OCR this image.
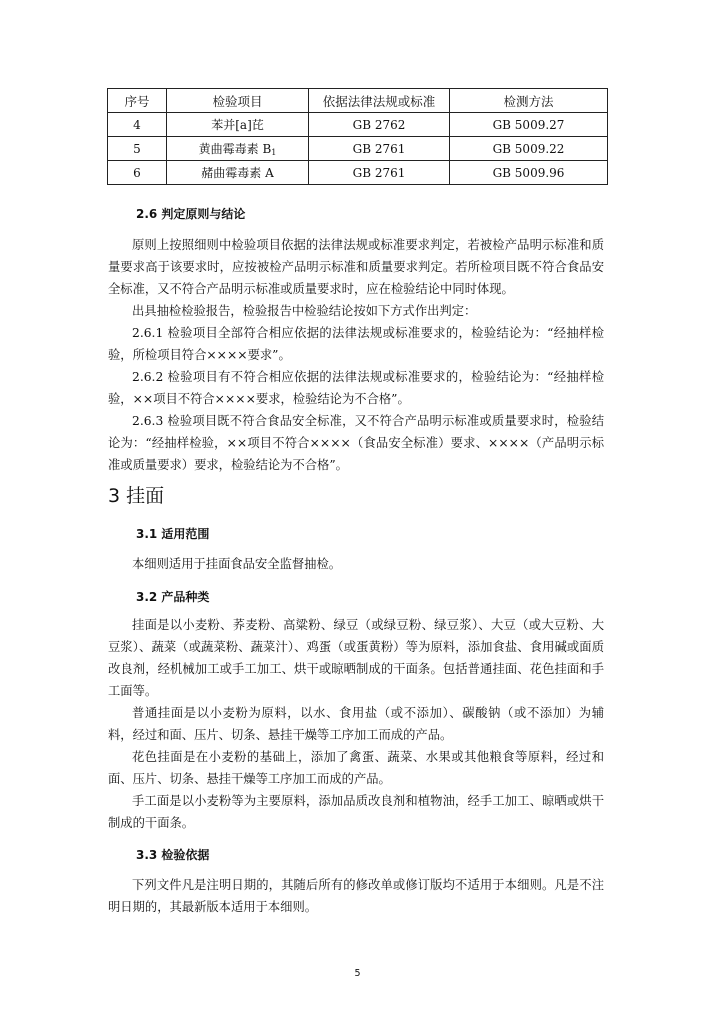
序号	检验项目	依据法律法规或标准	检测方法
4	苯并[a]芘	GB 2762	GB 5009.27
5	黄曲霉毒素 $B_1$	GB 2761	GB 5009.22
6	赭曲霉毒素 A	GB 2761	GB 5009.96
2.6 判定原则与结论

原则上按照细则中检验项目依据的法律法规或标准要求判定，若被检产品明示标准和质量要求高于该要求时，应按被检产品明示标准和质量要求判定。若所检项目既不符合食品安全标准，又不符合产品明示标准或质量要求时，应在检验结论中同时体现。

出具抽检检验报告，检验报告中检验结论按如下方式作出判定：

2.6.1 检验项目全部符合相应依据的法律法规或标准要求的，检验结论为：“经抽样检验，所检项目符合××××要求”。

2.6.2 检验项目有不符合相应依据的法律法规或标准要求的，检验结论为：“经抽样检验，××项目不符合××××要求，检验结论为不合格”。

2.6.3 检验项目既不符合食品安全标准，又不符合产品明示标准或质量要求时，检验结论为：“经抽样检验，××项目不符合××××（食品安全标准）要求、××××（产品明示标准或质量要求）要求，检验结论为不合格”。

3 挂面
3.1 适用范围

本细则适用于挂面食品安全监督抽检。

3.2 产品种类

挂面是以小麦粉、荞麦粉、高粱粉、绿豆（或绿豆粉、绿豆浆）、大豆（或大豆粉、大豆浆）、蔬菜（或蔬菜粉、蔬菜汁）、鸡蛋（或蛋黄粉）等为原料，添加食盐、食用碱或面质改良剂，经机械加工或手工加工、烘干或晾晒制成的干面条。包括普通挂面、花色挂面和手工面等。

普通挂面是以小麦粉为原料，以水、食用盐（或不添加）、碳酸钠（或不添加）为辅料，经过和面、压片、切条、悬挂干燥等工序加工而成的产品。

花色挂面是在小麦粉的基础上，添加了禽蛋、蔬菜、水果或其他粮食等原料，经过和面、压片、切条、悬挂干燥等工序加工而成的产品。

手工面是以小麦粉等为主要原料，添加品质改良剂和植物油，经手工加工、晾晒或烘干制成的干面条。

3.3 检验依据

下列文件凡是注明日期的，其随后所有的修改单或修订版均不适用于本细则。凡是不注明日期的，其最新版本适用于本细则。

5
